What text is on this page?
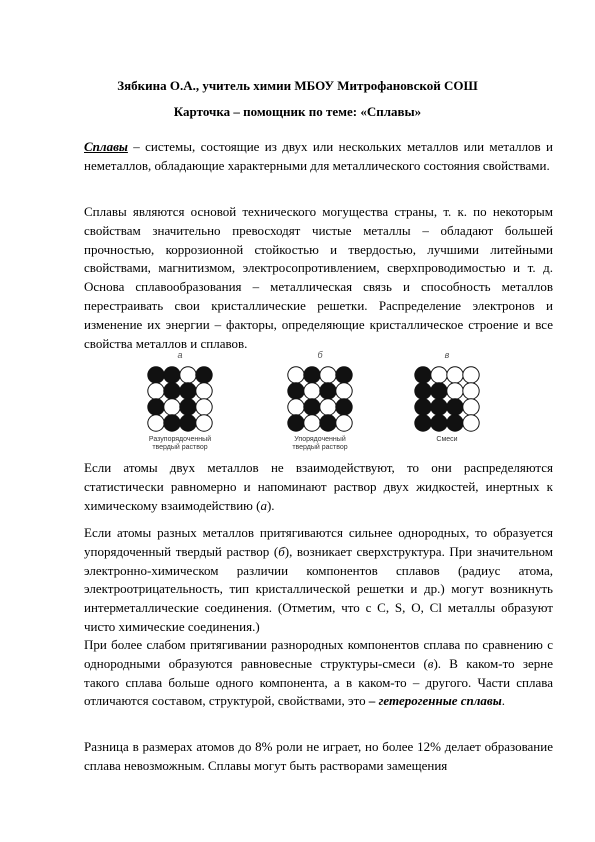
Зябкина О.А., учитель химии МБОУ Митрофановской СОШ

Карточка – помощник по теме: «Сплавы»

Сплавы – системы, состоящие из двух или нескольких металлов или металлов и неметаллов, обладающие характерными для металлического состояния свойствами.

Сплавы являются основой технического могущества страны, т. к. по некоторым свойствам значительно превосходят чистые металлы – обладают большей прочностью, коррозионной стойкостью и твердостью, лучшими литейными свойствами, магнитизмом, электросопротивлением, сверхпроводимостью и т. д. Основа сплавообразования – металлическая связь и способность металлов перестраивать свои кристаллические решетки. Распределение электронов и изменение их энергии – факторы, определяющие кристаллическое строение и все свойства металлов и сплавов.

а
Разупорядоченный
твердый раствор
б
Упорядоченный
твердый раствор
в
Смеси

Если атомы двух металлов не взаимодействуют, то они распределяются статистически равномерно и напоминают раствор двух жидкостей, инертных к химическому взаимодействию (а).

Если атомы разных металлов притягиваются сильнее однородных, то образуется упорядоченный твердый раствор (б), возникает сверхструктура. При значительном электронно-химическом различии компонентов сплавов (радиус атома, электроотрицательность, тип кристаллической решетки и др.) могут возникнуть интерметаллические соединения. (Отметим, что с С, S, О, Сl металлы образуют чисто химические соединения.)

При более слабом притягивании разнородных компонентов сплава по сравнению с однородными образуются равновесные структуры-смеси (в). В каком-то зерне такого сплава больше одного компонента, а в каком-то – другого. Части сплава отличаются составом, структурой, свойствами, это – гетерогенные сплавы.

Разница в размерах атомов до 8% роли не играет, но более 12% делает образование сплава невозможным. Сплавы могут быть растворами замещения
